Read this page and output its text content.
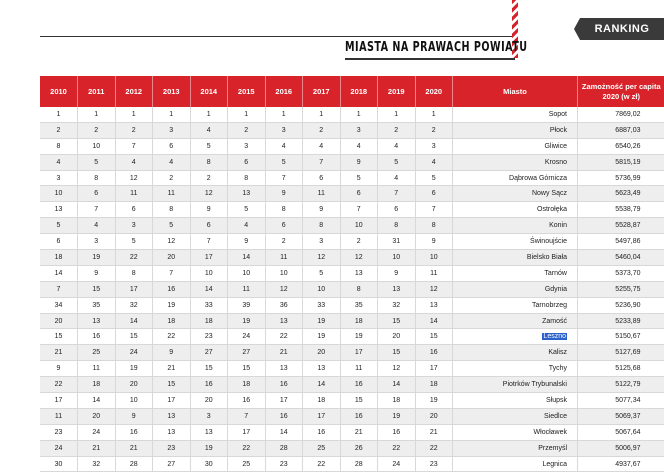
RANKING
MIASTA NA PRAWACH POWIATU
2010	2011	2012	2013	2014	2015	2016	2017	2018	2019	2020	Miasto	Zamożność per capita 2020 (w zł)
1	1	1	1	1	1	1	1	1	1	1	Sopot	7869,02
2	2	2	3	4	2	3	2	3	2	2	Płock	6887,03
8	10	7	6	5	3	4	4	4	4	3	Gliwice	6540,26
4	5	4	4	8	6	5	7	9	5	4	Krosno	5815,19
3	8	12	2	2	8	7	6	5	4	5	Dąbrowa Górnicza	5736,99
10	6	11	11	12	13	9	11	6	7	6	Nowy Sącz	5623,49
13	7	6	8	9	5	8	9	7	6	7	Ostrołęka	5538,79
5	4	3	5	6	4	6	8	10	8	8	Konin	5528,87
6	3	5	12	7	9	2	3	2	31	9	Świnoujście	5497,86
18	19	22	20	17	14	11	12	12	10	10	Bielsko Biała	5460,04
14	9	8	7	10	10	10	5	13	9	11	Tarnów	5373,70
7	15	17	16	14	11	12	10	8	13	12	Gdynia	5255,75
34	35	32	19	33	39	36	33	35	32	13	Tarnobrzeg	5236,90
20	13	14	18	18	19	13	19	18	15	14	Zamość	5233,89
15	16	15	22	23	24	22	19	19	20	15	Leszno	5150,67
21	25	24	9	27	27	21	20	17	15	16	Kalisz	5127,69
9	11	19	21	15	15	13	13	11	12	17	Tychy	5125,68
22	18	20	15	16	18	16	14	16	14	18	Piotrków Trybunalski	5122,79
17	14	10	17	20	16	17	18	15	18	19	Słupsk	5077,34
11	20	9	13	3	7	16	17	16	19	20	Siedlce	5069,37
23	24	16	13	13	17	14	16	21	16	21	Włocławek	5067,64
24	21	21	23	19	22	28	25	26	22	22	Przemyśl	5006,97
30	32	28	27	30	25	23	22	28	24	23	Legnica	4937,67
